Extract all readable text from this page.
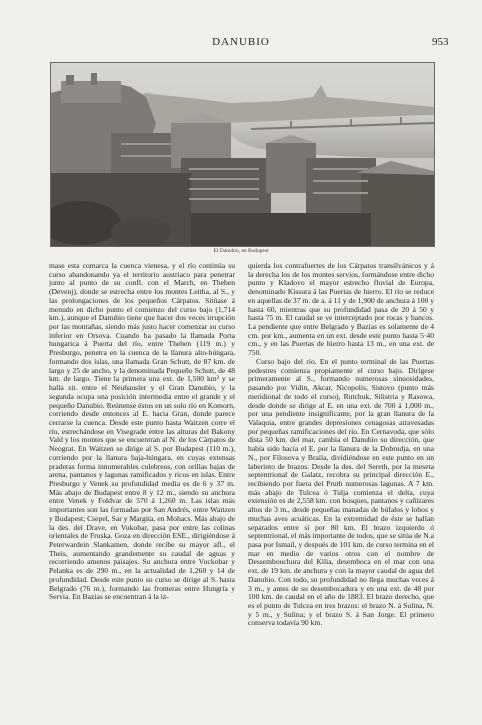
DANUBIO	953
El Danubio, en Budapest

mase esta comarca la cuenca vienesa, y el río continúa su curso abandonando ya el territorio austriaco para penetrar junto al punto de su confl. con el March, en Theben (Devenj), donde se estrecha entre los montes Leitha, al S., y las prolongaciones de los pequeños Cárpatos. Sitúase á menudo en dicho punto el comienzo del curso bajo (1,714 km.), aunque el Danubio tiene que hacer dos veces irrupción por las montañas, siendo más justo hacer comenzar su curso inferior en Orsova. Cuando ha pasado la llamada Porta hungarica á Puerta del río, entre Theben (119 m.) y Presburgo, penetra en la cuenca de la llanura alto-húngara, formando dos islas, una llamada Gran Schutt, de 87 km. de largo y 25 de ancho, y la denominada Pequeño Schutt, de 48 km. de largo. Tiene la primera una ext. de 1,500 km² y se halla sit. entre el Neuhausler y el Gran Danubio, y la segunda ocupa una posición intermedia entre el grande y el pequeño Danubio. Reúnense éstos en un solo río en Komorn, corriendo desde entonces al E. hacia Gran, donde parece cerrarse la cuenca. Desde este punto hasta Waitzen corre el río, estrechándose en Visegrade entre las alturas del Bakony Vald y los montes que se encuentran al N. de los Cárpatos de Neograt. En Waitzen se dirige al S. por Budapest (110 m.), corriendo por la llanura baja-húngara, en cuyas extensas praderas forma innumerables culebreos, con orillas bajas de arena, pantanos y lagunas ramificados y ricos en islas. Entre Presburgo y Venek su profundidad media es de 6 y 37 m. Más abajo de Budapest entre 8 y 12 m., siendo su anchura entre Venek y Foldvar de 570 á 1,260 m. Las islas más importantes son las formadas por San Andrés, entre Waitzen y Budapest; Csepel, Sar y Margita, en Mohacs. Más abajo de la des. del Drave, en Vukobar, pasa por entre las colinas orientales de Fruska. Goza en dirección ESE., dirigiéndose á Peterwardein Slankamen, donde recibe su mayor afl., el Theis, aumentando grandemente su caudal de aguas y recorriendo amenos paisajes. Su anchura entre Vuckobar y Pelanka es de 290 m., en la actualidad de 1,260 y 14 de profundidad. Desde este punto su curso se dirige al S. hasta Belgrado (76 m.), formando las fronteras entre Hungría y Servia. En Bazias se encuentran á la iz-

quierda los contrafuertes de los Cárpatos transilvánicos y á la derecha los de los montes servios, formándose entre dicho punto y Kladovo el mayor estrecho fluvial de Europa, denominado Kissura á las Puertas de hierro. El río se reduce en aquellas de 37 m. de a. á 11 y de 1,900 de anchura á 100 y hasta 60, mientras que su profundidad pasa de 20 á 50 y hasta 75 m. El caudal se ve interceptado por rocas y bancos. La pendiente que entre Belgrado y Bazias es solamente de 4 cm. por km., aumenta en un ext. desde este punto hasta 5·40 cm., y en las Puertas de hierro hasta 13 m., en una ext. de 750.

Curso bajo del río. En el punto terminal de las Puertas pedestres comienza propiamente el curso bajo. Dirígese primeramente al S., formando numerosas sinuosidades, pasando por Vidin, Akcar, Nicopolis, Sistovo (punto más meridional de todo el curso), Rutchuk, Silistria y Rasowa, desde donde se dirige al E. en una ext. de 700 á 1,000 m., por una pendiente insignificante, por la gran llanura de la Valaquia, entre grandes depresiones cenagosas atravesadas por pequeñas ramificaciones del río. En Cernavoda, que sólo dista 50 km. del mar, cambia el Danubio su dirección, que había sido hacia el E. por la llanura de la Dobrudja, en una N., por Filosova y Braila, dividiéndose en este punto en un laberinto de brazos. Desde la des. del Sereth, por la meseta septentrional de Galatz, recobra su principal dirección E., recibiendo por fuera del Pruth numerosas lagunas. A 7 km. más abajo de Tulcea ó Tulja comienza el delta, cuya extensión es de 2,558 km. con bosques, pantanos y cañizares altos de 3 m., desde pequeñas manadas de búfalos y lobos y muchas aves acuáticas. En la extremidad de éste se hallan separados entre sí por 80 km. El brazo izquierdo ó septentrional, el más importante de todos, que se sitúa de N.a pasa por Ismail, y después de 101 km. de curso termina en el mar en medio de varios otros con el nombre de Dessembouchura del Kilia, desemboca en el mar con una ext. de 19 km. de anchura y con la mayor caudal de agua del Danubio. Con todo, su profundidad no llega muchas veces á 3 m., y antes de su desembocadura y en una ext. de 48 por 100 km. de caudal en el año de 1883. El brazo derecho, que es el punto de Tulcea en tres brazos: el brazo N. á Sulina, N. y 5 m., y Sulina; y el brazo S. á San Jorge. El primero conserva todavía 90 km.
